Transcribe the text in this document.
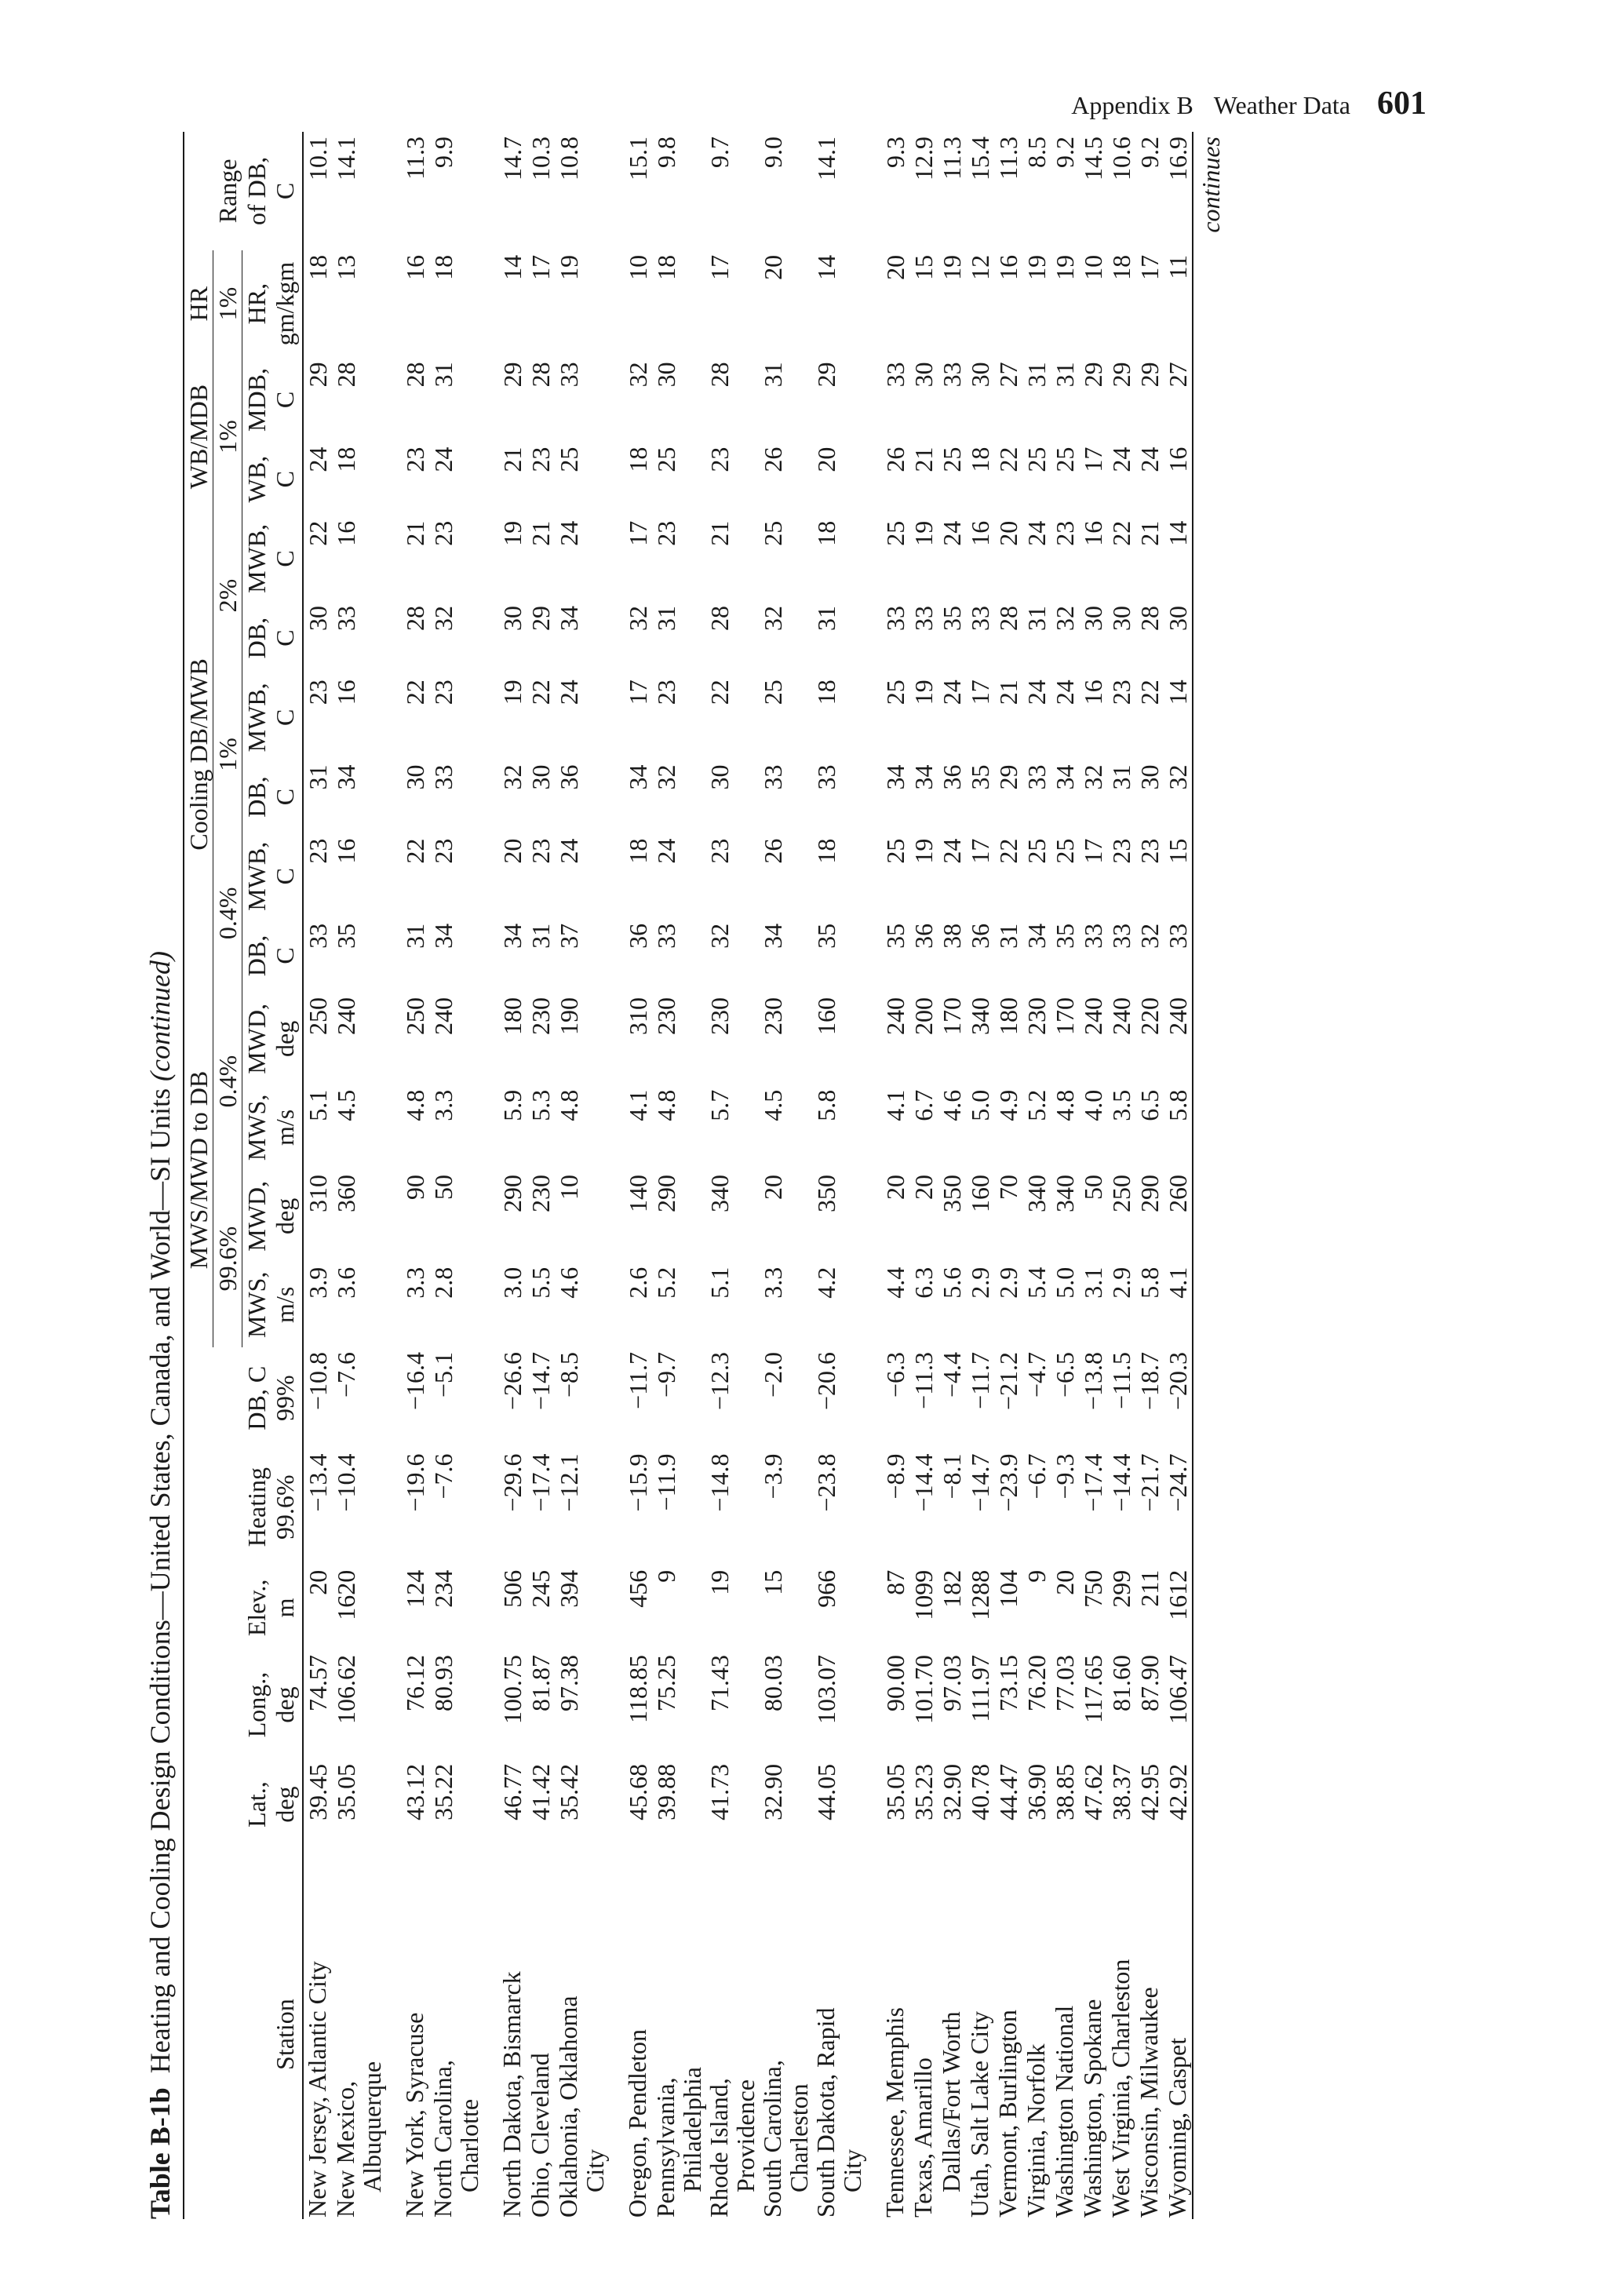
Appendix B Weather Data 601
Table B-1b  Heating and Cooling Design Conditions—United States, Canada, and World—SI Units (continued)
						MWS/MWD to DB				Cooling DB/MWB						WB/MDB		HR	
						99.6%		0.4%		0.4%		1%		2%		1%		1%	Range
	Lat.,	Long.,	Elev.,	Heating	DB, C	MWS,	MWD,	MWS,	MWD,	DB,	MWB,	DB,	MWB,	DB,	MWB,	WB,	MDB,	HR,	of DB,
Station	deg	deg	m	99.6%	99%	m/s	deg	m/s	deg	C	C	C	C	C	C	C	C	gm/kgm	C
New Jersey, Atlantic City	39.45	74.57	20	−13.4	−10.8	3.9	310	5.1	250	33	23	31	23	30	22	24	29	18	10.1
New Mexico,
Albuquerque	35.05	106.62	1620	−10.4	−7.6	3.6	360	4.5	240	35	16	34	16	33	16	18	28	13	14.1
New York, Syracuse	43.12	76.12	124	−19.6	−16.4	3.3	90	4.8	250	31	22	30	22	28	21	23	28	16	11.3
North Carolina,
Charlotte	35.22	80.93	234	−7.6	−5.1	2.8	50	3.3	240	34	23	33	23	32	23	24	31	18	9.9
North Dakota, Bismarck	46.77	100.75	506	−29.6	−26.6	3.0	290	5.9	180	34	20	32	19	30	19	21	29	14	14.7
Ohio, Cleveland	41.42	81.87	245	−17.4	−14.7	5.5	230	5.3	230	31	23	30	22	29	21	23	28	17	10.3
Oklahonia, Oklahoma
City	35.42	97.38	394	−12.1	−8.5	4.6	10	4.8	190	37	24	36	24	34	24	25	33	19	10.8
Oregon, Pendleton	45.68	118.85	456	−15.9	−11.7	2.6	140	4.1	310	36	18	34	17	32	17	18	32	10	15.1
Pennsylvania,
Philadelphia	39.88	75.25	9	−11.9	−9.7	5.2	290	4.8	230	33	24	32	23	31	23	25	30	18	9.8
Rhode Island,
Providence	41.73	71.43	19	−14.8	−12.3	5.1	340	5.7	230	32	23	30	22	28	21	23	28	17	9.7
South Carolina,
Charleston	32.90	80.03	15	−3.9	−2.0	3.3	20	4.5	230	34	26	33	25	32	25	26	31	20	9.0
South Dakota, Rapid
City	44.05	103.07	966	−23.8	−20.6	4.2	350	5.8	160	35	18	33	18	31	18	20	29	14	14.1
Tennessee, Memphis	35.05	90.00	87	−8.9	−6.3	4.4	20	4.1	240	35	25	34	25	33	25	26	33	20	9.3
Texas, Amarillo	35.23	101.70	1099	−14.4	−11.3	6.3	20	6.7	200	36	19	34	19	33	19	21	30	15	12.9

Dallas/Fort Worth	32.90	97.03	182	−8.1	−4.4	5.6	350	4.6	170	38	24	36	24	35	24	25	33	19	11.3
Utah, Salt Lake City	40.78	111.97	1288	−14.7	−11.7	2.9	160	5.0	340	36	17	35	17	33	16	18	30	12	15.4
Vermont, Burlington	44.47	73.15	104	−23.9	−21.2	2.9	70	4.9	180	31	22	29	21	28	20	22	27	16	11.3
Virginia, Norfolk	36.90	76.20	9	−6.7	−4.7	5.4	340	5.2	230	34	25	33	24	31	24	25	31	19	8.5
Washington National	38.85	77.03	20	−9.3	−6.5	5.0	340	4.8	170	35	25	34	24	32	23	25	31	19	9.2
Washington, Spokane	47.62	117.65	750	−17.4	−13.8	3.1	50	4.0	240	33	17	32	16	30	16	17	29	10	14.5
West Virginia, Charleston	38.37	81.60	299	−14.4	−11.5	2.9	250	3.5	240	33	23	31	23	30	22	24	29	18	10.6
Wisconsin, Milwaukee	42.95	87.90	211	−21.7	−18.7	5.8	290	6.5	220	32	23	30	22	28	21	24	29	17	9.2
Wyoming, Caspet	42.92	106.47	1612	−24.7	−20.3	4.1	260	5.8	240	33	15	32	14	30	14	16	27	11	16.9 continues
